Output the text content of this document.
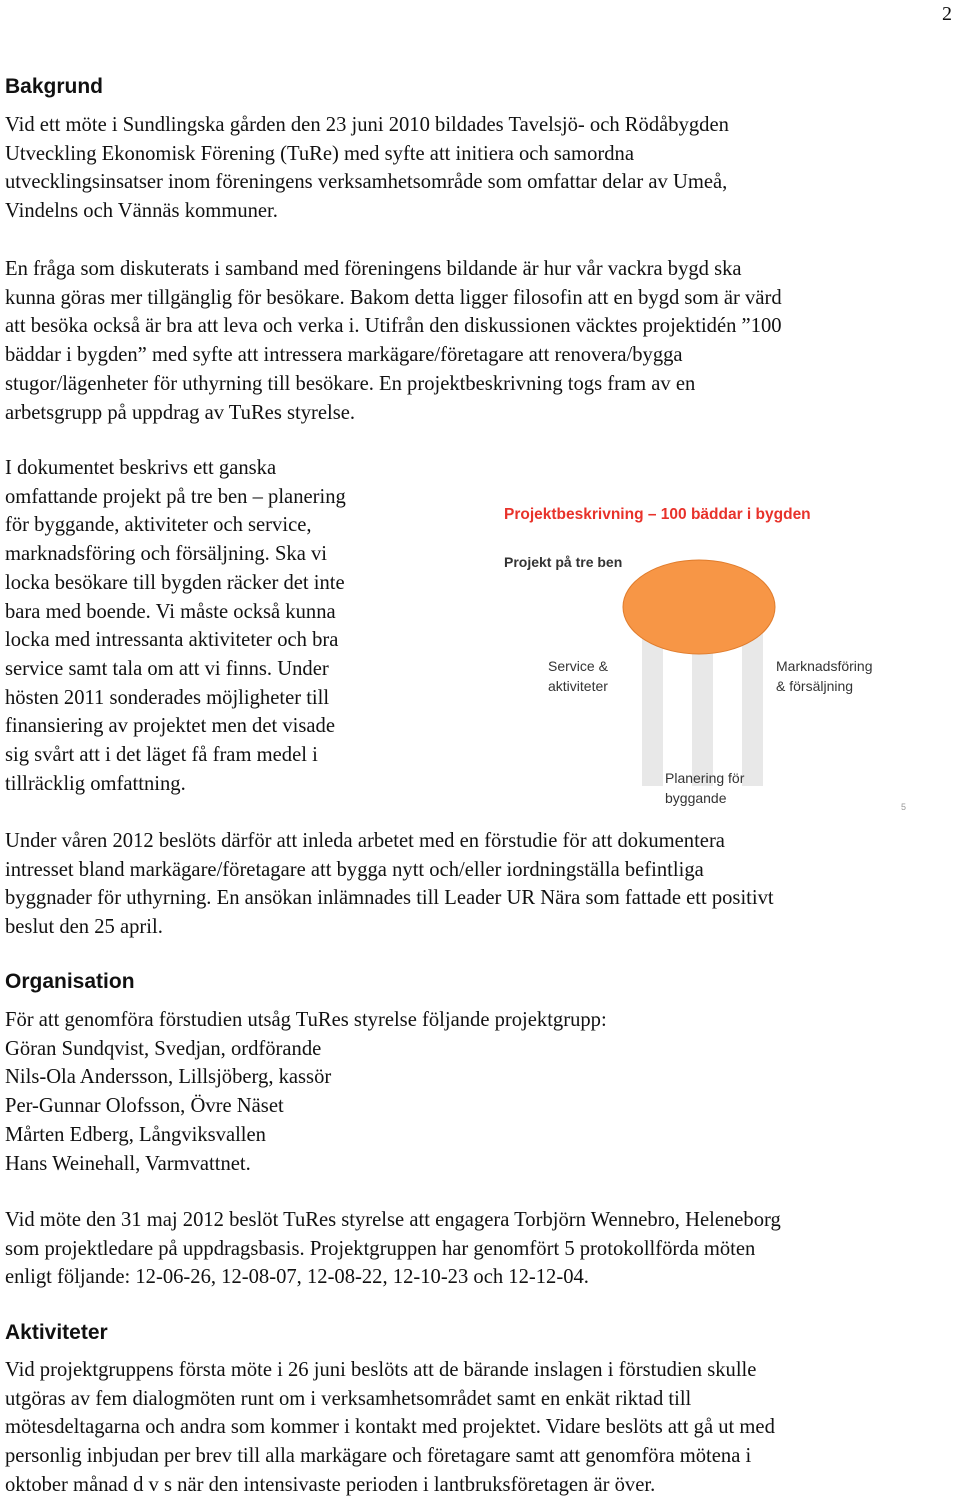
2
Bakgrund
Vid ett möte i Sundlingska gården den 23 juni 2010 bildades Tavelsjö- och Rödåbygden
Utveckling Ekonomisk Förening (TuRe) med syfte att initiera och samordna
utvecklingsinsatser inom föreningens verksamhetsområde som omfattar delar av Umeå,
Vindelns och Vännäs kommuner.
En fråga som diskuterats i samband med föreningens bildande är hur vår vackra bygd ska
kunna göras mer tillgänglig för besökare. Bakom detta ligger filosofin att en bygd som är värd
att besöka också är bra att leva och verka i. Utifrån den diskussionen väcktes projektidén ”100
bäddar i bygden” med syfte att intressera markägare/företagare att renovera/bygga
stugor/lägenheter för uthyrning till besökare. En projektbeskrivning togs fram av en
arbetsgrupp på uppdrag av TuRes styrelse.
I dokumentet beskrivs ett ganska
omfattande projekt på tre ben – planering
för byggande, aktiviteter och service,
marknadsföring och försäljning. Ska vi
locka besökare till bygden räcker det inte
bara med boende. Vi måste också kunna
locka med intressanta aktiviteter och bra
service samt tala om att vi finns. Under
hösten 2011 sonderades möjligheter till
finansiering av projektet men det visade
sig svårt att i det läget få fram medel i
tillräcklig omfattning.
Projektbeskrivning – 100 bäddar i bygden
Projekt på tre ben
Service & aktiviteter
Marknadsföring & försäljning
Planering för byggande
5
Under våren 2012 beslöts därför att inleda arbetet med en förstudie för att dokumentera
intresset bland markägare/företagare att bygga nytt och/eller iordningställa befintliga
byggnader för uthyrning. En ansökan inlämnades till Leader UR Nära som fattade ett positivt
beslut den 25 april.
Organisation
För att genomföra förstudien utsåg TuRes styrelse följande projektgrupp:
Göran Sundqvist, Svedjan, ordförande
Nils-Ola Andersson, Lillsjöberg, kassör
Per-Gunnar Olofsson, Övre Näset
Mårten Edberg, Långviksvallen
Hans Weinehall, Varmvattnet.
Vid möte den 31 maj 2012 beslöt TuRes styrelse att engagera Torbjörn Wennebro, Heleneborg
som projektledare på uppdragsbasis. Projektgruppen har genomfört 5 protokollförda möten
enligt följande: 12-06-26, 12-08-07, 12-08-22, 12-10-23 och 12-12-04.
Aktiviteter
Vid projektgruppens första möte i 26 juni beslöts att de bärande inslagen i förstudien skulle
utgöras av fem dialogmöten runt om i verksamhetsområdet samt en enkät riktad till
mötesdeltagarna och andra som kommer i kontakt med projektet. Vidare beslöts att gå ut med
personlig inbjudan per brev till alla markägare och företagare samt att genomföra mötena i
oktober månad d v s när den intensivaste perioden i lantbruksföretagen är över.
